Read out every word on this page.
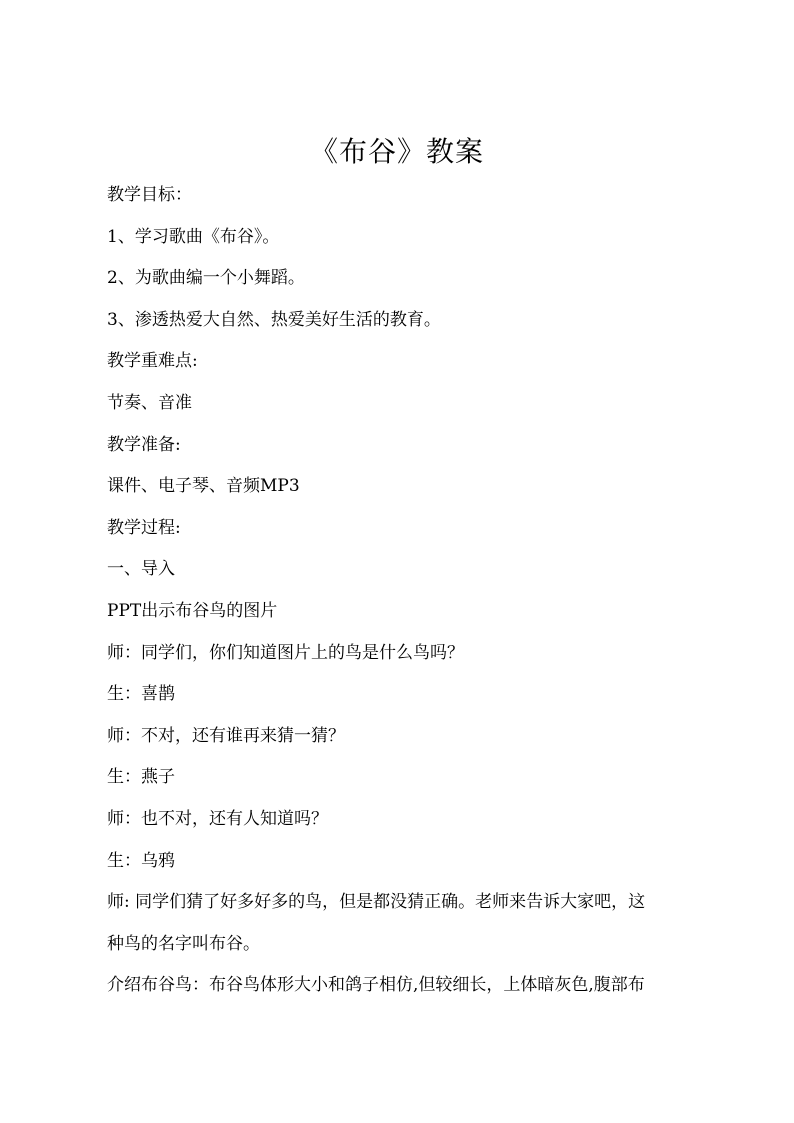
《布谷》教案
教学目标：
1、学习歌曲《布谷》。
2、为歌曲编一个小舞蹈。
3、渗透热爱大自然、热爱美好生活的教育。
教学重难点:
节奏、音准
教学准备:
课件、电子琴、音频MP3
教学过程:
一、导入
PPT出示布谷鸟的图片
师：同学们，你们知道图片上的鸟是什么鸟吗？
生：喜鹊
师：不对，还有谁再来猜一猜？
生：燕子
师：也不对，还有人知道吗？
生：乌鸦
师: 同学们猜了好多好多的鸟，但是都没猜正确。老师来告诉大家吧，这
种鸟的名字叫布谷。
介绍布谷鸟：布谷鸟体形大小和鸽子相仿,但较细长，上体暗灰色,腹部布
